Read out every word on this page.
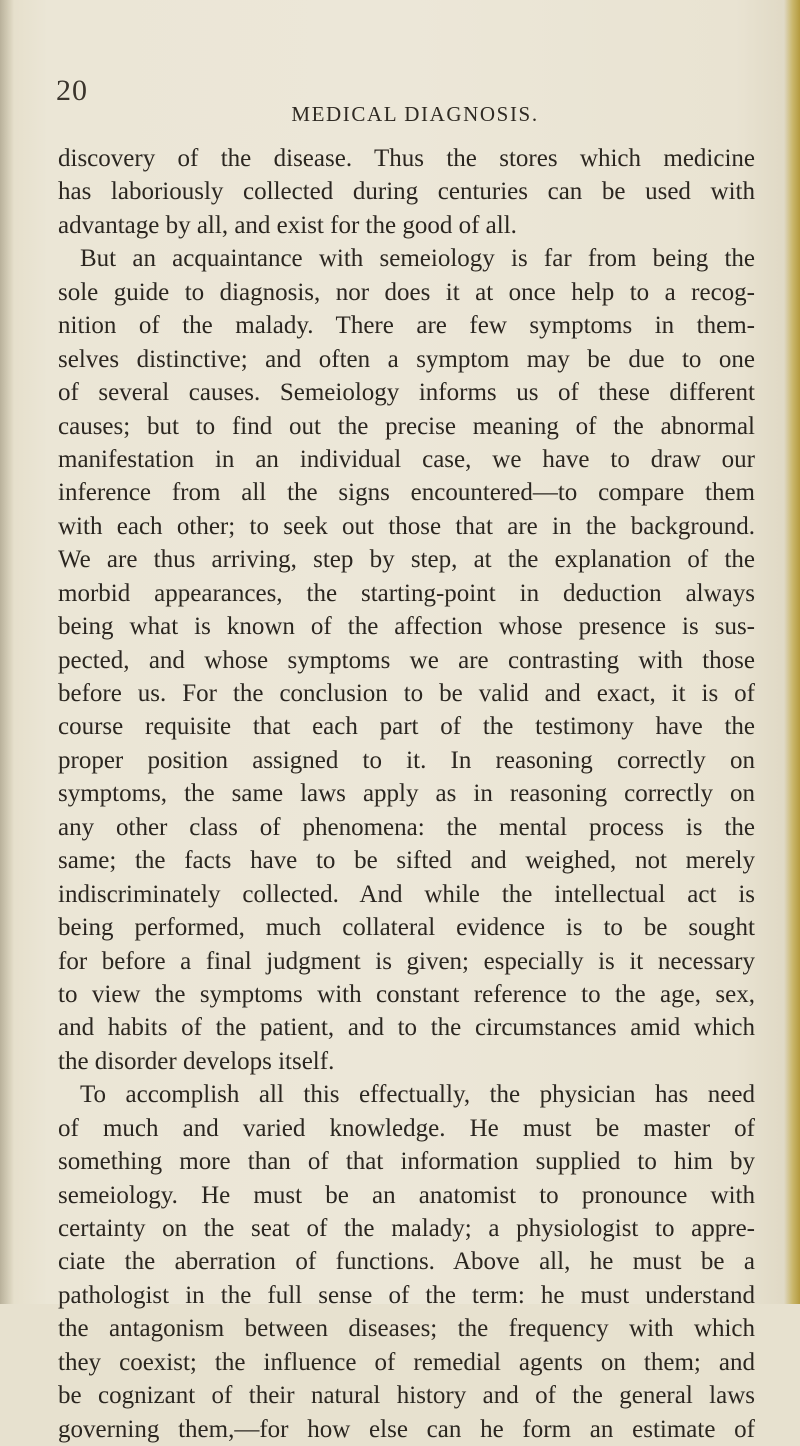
20
MEDICAL DIAGNOSIS.
discovery of the disease. Thus the stores which medicine
has laboriously collected during centuries can be used with
advantage by all, and exist for the good of all.
But an acquaintance with semeiology is far from being the
sole guide to diagnosis, nor does it at once help to a recog-
nition of the malady. There are few symptoms in them-
selves distinctive; and often a symptom may be due to one
of several causes. Semeiology informs us of these different
causes; but to find out the precise meaning of the abnormal
manifestation in an individual case, we have to draw our
inference from all the signs encountered—to compare them
with each other; to seek out those that are in the background.
We are thus arriving, step by step, at the explanation of the
morbid appearances, the starting-point in deduction always
being what is known of the affection whose presence is sus-
pected, and whose symptoms we are contrasting with those
before us. For the conclusion to be valid and exact, it is of
course requisite that each part of the testimony have the
proper position assigned to it. In reasoning correctly on
symptoms, the same laws apply as in reasoning correctly on
any other class of phenomena: the mental process is the
same; the facts have to be sifted and weighed, not merely
indiscriminately collected. And while the intellectual act is
being performed, much collateral evidence is to be sought
for before a final judgment is given; especially is it necessary
to view the symptoms with constant reference to the age, sex,
and habits of the patient, and to the circumstances amid which
the disorder develops itself.
To accomplish all this effectually, the physician has need
of much and varied knowledge. He must be master of
something more than of that information supplied to him by
semeiology. He must be an anatomist to pronounce with
certainty on the seat of the malady; a physiologist to appre-
ciate the aberration of functions. Above all, he must be a
pathologist in the full sense of the term: he must understand
the antagonism between diseases; the frequency with which
they coexist; the influence of remedial agents on them; and
be cognizant of their natural history and of the general laws
governing them,—for how else can he form an estimate of
